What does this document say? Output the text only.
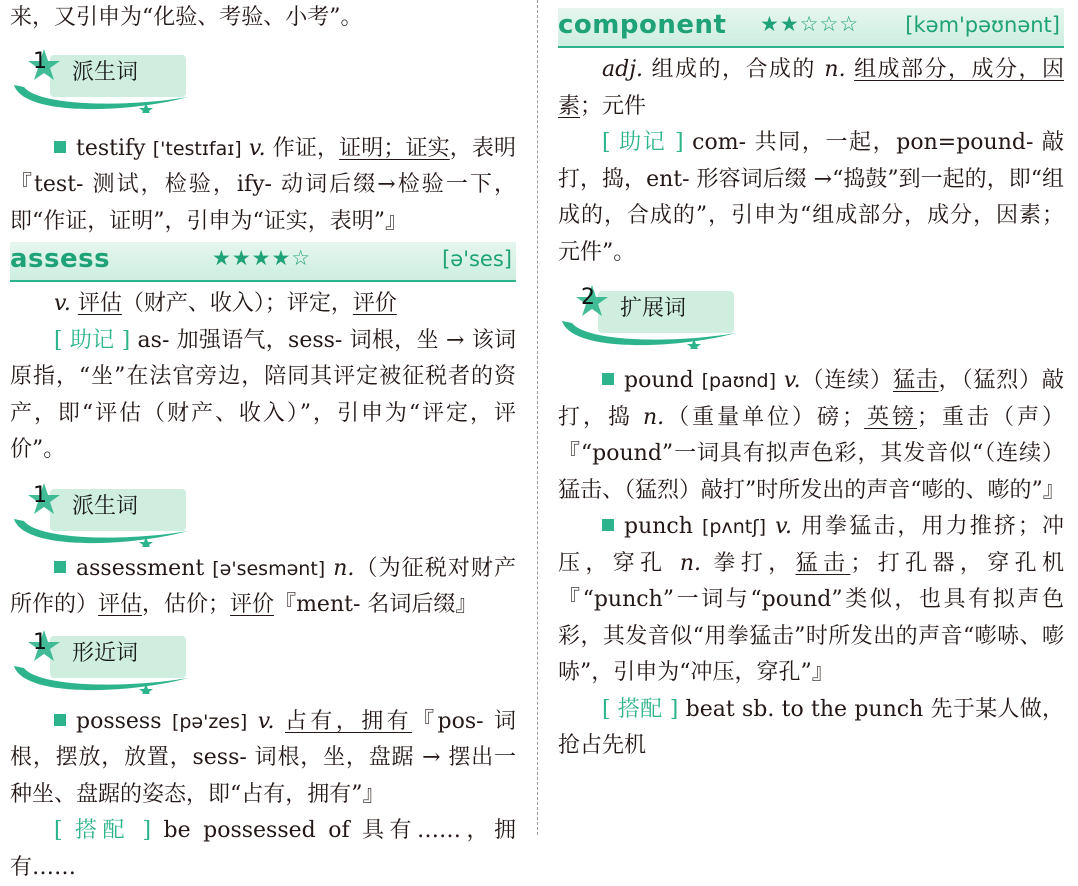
来，又引申为“化验、考验、小考”。

1 派生词

testify ['testɪfaɪ] v. 作证，证明；证实，表明『test- 测试，检验，ify- 动词后缀→检验一下，即“作证，证明”，引申为“证实，表明”』

assess	★★★★☆	[ə'ses]

v. 评估（财产、收入）；评定，评价

[ 助记 ] as- 加强语气，sess- 词根，坐 → 该词原指，“坐”在法官旁边，陪同其评定被征税者的资产，即“评估（财产、收入）”，引申为“评定，评价”。

1 派生词

assessment [ə'sesmənt] n.（为征税对财产所作的）评估，估价；评价『ment- 名词后缀』

1 形近词

possess [pə'zes] v. 占有，拥有『pos- 词根，摆放，放置，sess- 词根，坐，盘踞 → 摆出一种坐、盘踞的姿态，即“占有，拥有”』

[ 搭配 ] be possessed of 具有……，拥有……

component ★★☆☆☆ [kəm'pəʊnənt]

adj. 组成的，合成的 n. 组成部分，成分，因素；元件

[ 助记 ] com- 共同，一起，pon=pound- 敲打，捣，ent- 形容词后缀 →“捣鼓”到一起的，即“组成的，合成的”，引申为“组成部分，成分，因素；元件”。

2 扩展词

pound [paʊnd] v.（连续）猛击，（猛烈）敲打，捣 n.（重量单位）磅；英镑；重击（声）『“pound”一词具有拟声色彩，其发音似“（连续）猛击、（猛烈）敲打”时所发出的声音“嘭的、嘭的”』

punch [pʌntʃ] v. 用拳猛击，用力推挤；冲压，穿孔 n. 拳打，猛击；打孔器，穿孔机『“punch”一词与“pound”类似，也具有拟声色彩，其发音似“用拳猛击”时所发出的声音“嘭哧、嘭哧”，引申为“冲压，穿孔”』

[ 搭配 ] beat sb. to the punch 先于某人做，抢占先机
